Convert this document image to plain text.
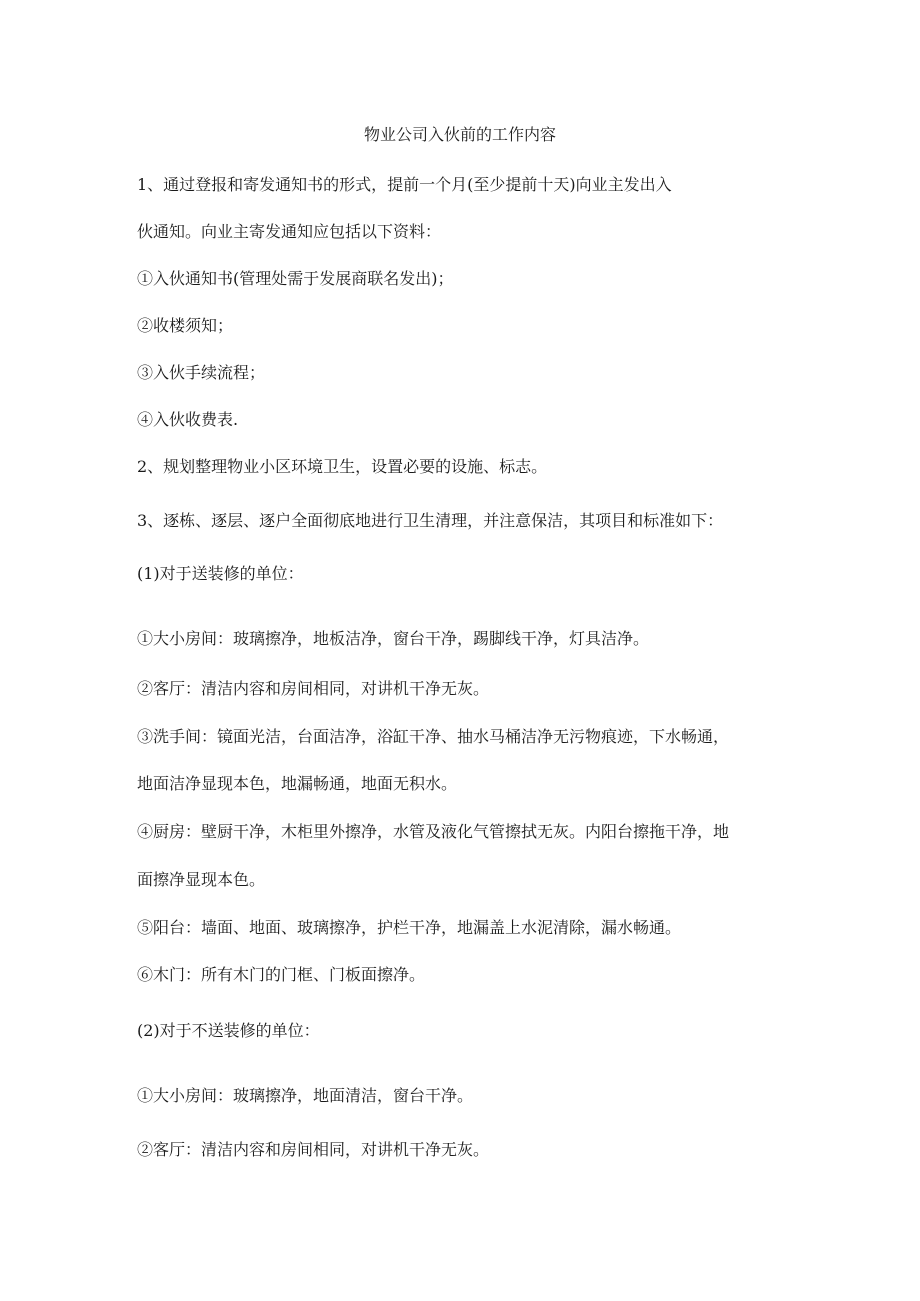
物业公司入伙前的工作内容
1、通过登报和寄发通知书的形式，提前一个月(至少提前十天)向业主发出入
伙通知。向业主寄发通知应包括以下资料：
①入伙通知书(管理处需于发展商联名发出)；
②收楼须知；
③入伙手续流程；
④入伙收费表.
2、规划整理物业小区环境卫生，设置必要的设施、标志。
3、逐栋、逐层、逐户全面彻底地进行卫生清理，并注意保洁，其项目和标准如下：
(1)对于送装修的单位：
①大小房间：玻璃擦净，地板洁净，窗台干净，踢脚线干净，灯具洁净。
②客厅：清洁内容和房间相同，对讲机干净无灰。
③洗手间：镜面光洁，台面洁净，浴缸干净、抽水马桶洁净无污物痕迹，下水畅通，
地面洁净显现本色，地漏畅通，地面无积水。
④厨房：壁厨干净，木柜里外擦净，水管及液化气管擦拭无灰。内阳台擦拖干净，地
面擦净显现本色。
⑤阳台：墙面、地面、玻璃擦净，护栏干净，地漏盖上水泥清除，漏水畅通。
⑥木门：所有木门的门框、门板面擦净。
(2)对于不送装修的单位：
①大小房间：玻璃擦净，地面清洁，窗台干净。
②客厅：清洁内容和房间相同，对讲机干净无灰。
